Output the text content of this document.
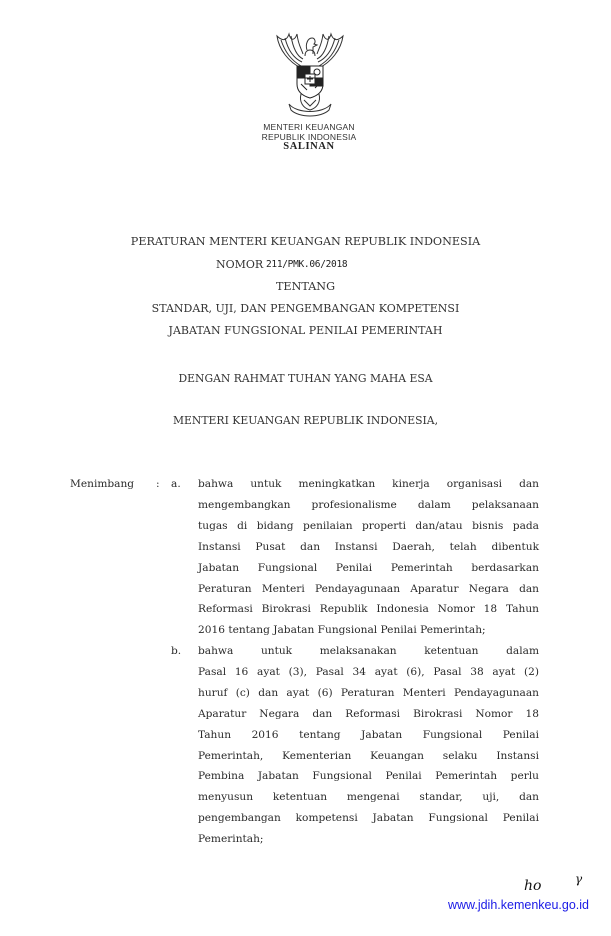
MENTERI KEUANGAN
REPUBLIK INDONESIA
SALINAN
PERATURAN MENTERI KEUANGAN REPUBLIK INDONESIA
NOMOR 211/PMK.06/2018
TENTANG
STANDAR, UJI, DAN PENGEMBANGAN KOMPETENSI
JABATAN FUNGSIONAL PENILAI PEMERINTAH
DENGAN RAHMAT TUHAN YANG MAHA ESA
MENTERI KEUANGAN REPUBLIK INDONESIA,
Menimbang : a. bahwa untuk meningkatkan kinerja organisasi dan
mengembangkan profesionalisme dalam pelaksanaan
tugas di bidang penilaian properti dan/atau bisnis pada
Instansi Pusat dan Instansi Daerah, telah dibentuk
Jabatan Fungsional Penilai Pemerintah berdasarkan
Peraturan Menteri Pendayagunaan Aparatur Negara dan
Reformasi Birokrasi Republik Indonesia Nomor 18 Tahun
2016 tentang Jabatan Fungsional Penilai Pemerintah;
b. bahwa untuk melaksanakan ketentuan dalam
Pasal 16 ayat (3), Pasal 34 ayat (6), Pasal 38 ayat (2)
huruf (c) dan ayat (6) Peraturan Menteri Pendayagunaan
Aparatur Negara dan Reformasi Birokrasi Nomor 18
Tahun 2016 tentang Jabatan Fungsional Penilai
Pemerintah, Kementerian Keuangan selaku Instansi
Pembina Jabatan Fungsional Penilai Pemerintah perlu
menyusun ketentuan mengenai standar, uji, dan
pengembangan kompetensi Jabatan Fungsional Penilai
Pemerintah;
ho	γ
www.jdih.kemenkeu.go.id
